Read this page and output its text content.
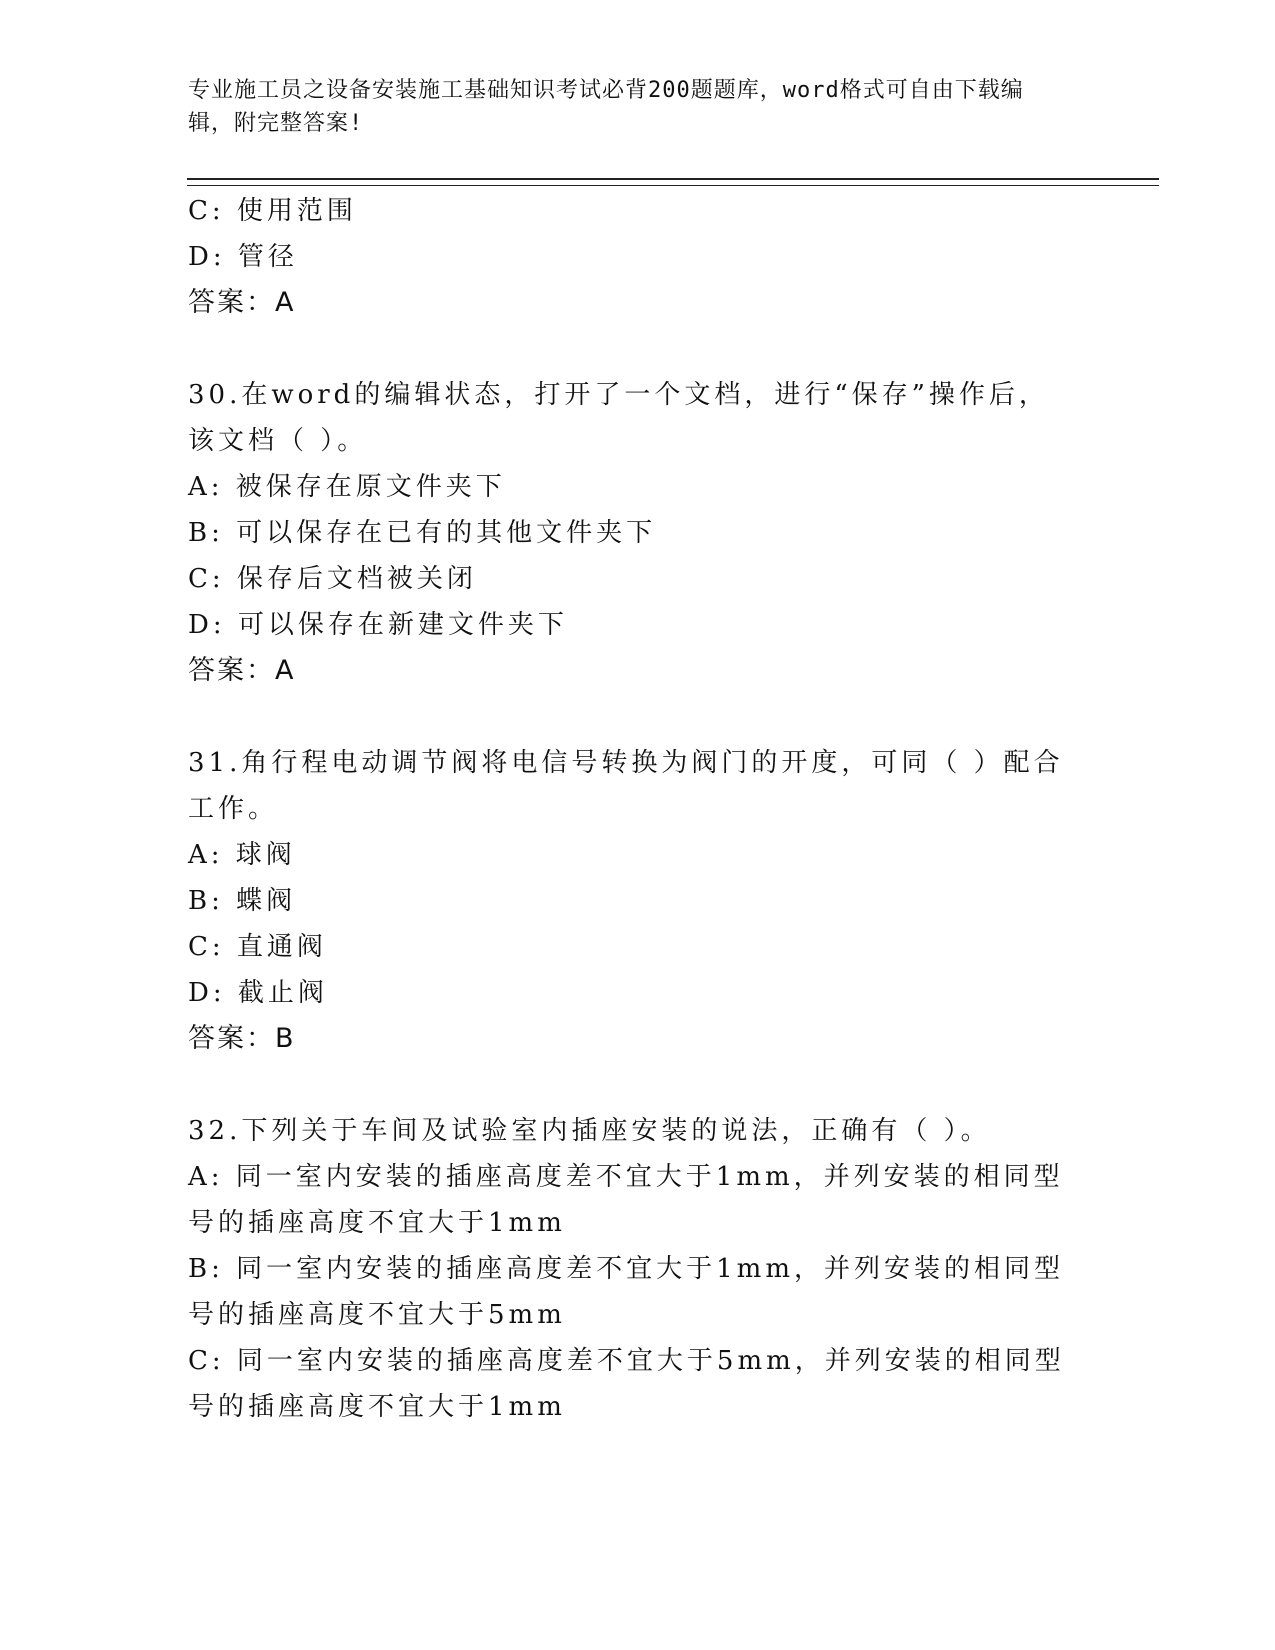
专业施工员之设备安装施工基础知识考试必背200题题库，word格式可自由下载编辑，附完整答案!
C: 使用范围
D: 管径
答案：A
30.在word的编辑状态，打开了一个文档，进行“保存”操作后，该文档（ ）。
A: 被保存在原文件夹下
B: 可以保存在已有的其他文件夹下
C: 保存后文档被关闭
D: 可以保存在新建文件夹下
答案：A
31.角行程电动调节阀将电信号转换为阀门的开度，可同（ ）配合工作。
A: 球阀
B: 蝶阀
C: 直通阀
D: 截止阀
答案：B
32.下列关于车间及试验室内插座安装的说法，正确有（ ）。
A: 同一室内安装的插座高度差不宜大于1mm，并列安装的相同型号的插座高度不宜大于1mm
B: 同一室内安装的插座高度差不宜大于1mm，并列安装的相同型号的插座高度不宜大于5mm
C: 同一室内安装的插座高度差不宜大于5mm，并列安装的相同型号的插座高度不宜大于1mm
